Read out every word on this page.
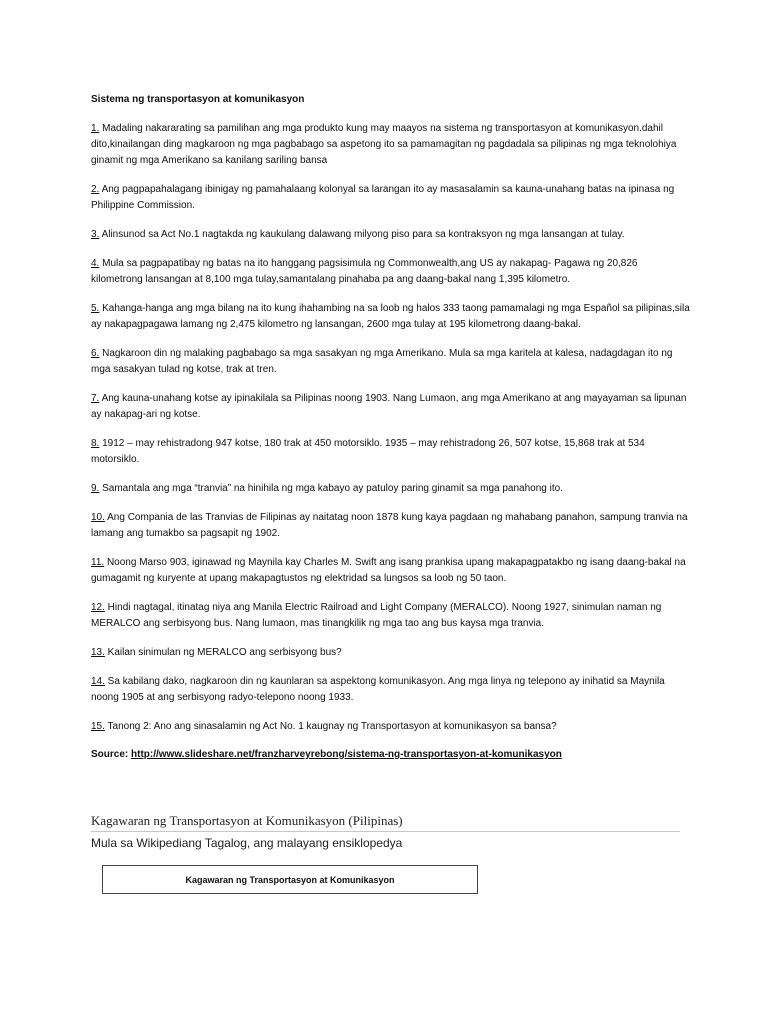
Sistema ng transportasyon at komunikasyon

1. Madaling nakararating sa pamilihan ang mga produkto kung may maayos na sistema ng transportasyon at komunikasyon.dahil dito,kinailangan ding magkaroon ng mga pagbabago sa aspetong ito sa pamamagitan ng pagdadala sa pilipinas ng mga teknolohiya ginamit ng mga Amerikano sa kanilang sariling bansa

2. Ang pagpapahalagang ibinigay ng pamahalaang kolonyal sa larangan ito ay masasalamin sa kauna-unahang batas na ipinasa ng Philippine Commission.

3. Alinsunod sa Act No.1 nagtakda ng kaukulang dalawang milyong piso para sa kontraksyon ng mga lansangan at tulay.

4. Mula sa pagpapatibay ng batas na ito hanggang pagsisimula ng Commonwealth,ang US ay nakapag- Pagawa ng 20,826 kilometrong lansangan at 8,100 mga tulay,samantalang pinahaba pa ang daang-bakal nang 1,395 kilometro.

5. Kahanga-hanga ang mga bilang na ito kung ihahambing na sa loob ng halos 333 taong pamamalagi ng mga Español sa pilipinas,sila ay nakapagpagawa lamang ng 2,475 kilometro ng lansangan, 2600 mga tulay at 195 kilometrong daang-bakal.

6. Nagkaroon din ng malaking pagbabago sa mga sasakyan ng mga Amerikano. Mula sa mga karitela at kalesa, nadagdagan ito ng mga sasakyan tulad ng kotse, trak at tren.

7. Ang kauna-unahang kotse ay ipinakilala sa Pilipinas noong 1903. Nang Lumaon, ang mga Amerikano at ang mayayaman sa lipunan ay nakapag-ari ng kotse.

8. 1912 – may rehistradong 947 kotse, 180 trak at 450 motorsiklo. 1935 – may rehistradong 26, 507 kotse, 15,868 trak at 534 motorsiklo.

9. Samantala ang mga “tranvia” na hinihila ng mga kabayo ay patuloy paring ginamit sa mga panahong ito.

10. Ang Compania de las Tranvias de Filipinas ay naitatag noon 1878 kung kaya pagdaan ng mahabang panahon, sampung tranvia na lamang ang tumakbo sa pagsapit ng 1902.

11. Noong Marso 903, iginawad ng Maynila kay Charles M. Swift ang isang prankisa upang makapagpatakbo ng isang daang-bakal na gumagamit ng kuryente at upang makapagtustos ng elektridad sa lungsos sa loob ng 50 taon.

12. Hindi nagtagal, itinatag niya ang Manila Electric Railroad and Light Company (MERALCO). Noong 1927, sinimulan naman ng MERALCO ang serbisyong bus. Nang lumaon, mas tinangkilik ng mga tao ang bus kaysa mga tranvia.

13. Kailan sinimulan ng MERALCO ang serbisyong bus?

14. Sa kabilang dako, nagkaroon din ng kaunlaran sa aspektong komunikasyon. Ang mga linya ng telepono ay inihatid sa Maynila noong 1905 at ang serbisyong radyo-telepono noong 1933.

15. Tanong 2: Ano ang sinasalamin ng Act No. 1 kaugnay ng Transportasyon at komunikasyon sa bansa?

Source: http://www.slideshare.net/franzharveyrebong/sistema-ng-transportasyon-at-komunikasyon
Kagawaran ng Transportasyon at Komunikasyon (Pilipinas)
Mula sa Wikipediang Tagalog, ang malayang ensiklopedya
Kagawaran ng Transportasyon at Komunikasyon
